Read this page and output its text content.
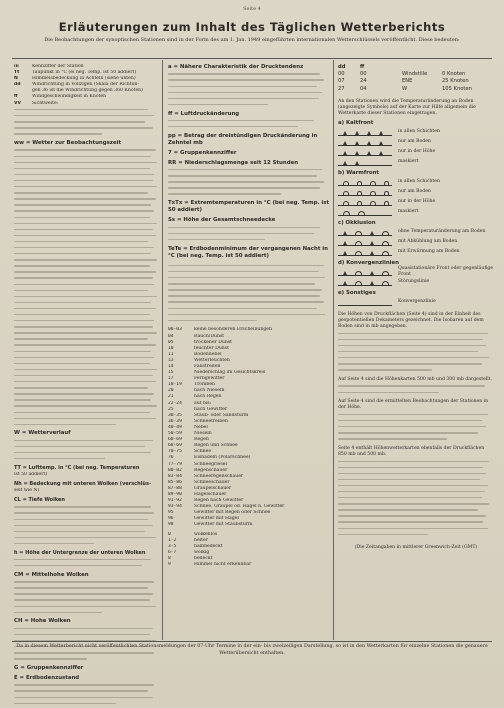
Seite 4
Erläuterungen zum Inhalt des Täglichen Wetterberichts
Die Beobachtungen der synoptischen Stationen sind in der Form des am 1. Jan. 1949 eingeführten internationalen Wetterschlüssels veröffentlicht. Diese bedeuten:
iii	Kennziffer der Station
Tt	Taupunkt in °C (ei neg. Temp. ist 50 addiert)
N	Himmelsbedeckung in Achteln (siehe unten)
dd	Windrichtung in Vollzigen (Skala der Richtun-
gen 36 ist die Windrichtung gegen 360 Knoten)
ff	Windgeschwindigkeit in Knoten
VV	Sichtweite:
ww = Wetter zur Beobachtungszeit
W = Wetterverlauf
TT = Lufttemp. in °C (bei neg. Temperaturen
ist 50 addiert)
Nh = Bedeckung mit unteren Wolken (verschlüs-
selt wie N)
CL = Tiefe Wolken
h = Höhe der Untergrenze der unteren Wolken
CM = Mittelhohe Wolken
CH = Hohe Wolken
G = Gruppenkennziffer
E = Erdbodenzustand
a = Nähere Charakteristik der Drucktendenz
ff = Luftdruckänderung
pp = Betrag der dreistündigen Druckänderung in Zehntel mb
7 = Gruppenkennziffer
RR = Niederschlagsmenge seit 12 Stunden
TxTx = Extremtemperaturen in °C (bei neg. Temp. ist 50 addiert)
Ss = Höhe der Gesamtschneedecke
TeTe = Erdbodenminimum der vergangenen Nacht in °C (bei neg. Temp. ist 50 addiert)
00-03	keine besonderen Erscheinungen
04	Rauch/Dunst
05	trockener Dunst
10	feuchter Dunst
11	Bodennebel
13	Wetterleuchten
14	Fallstreifen
15	Niederschlag im Gesichtskreis
17	Ferngewitter
18-19	Tromben
20	nach Nieseln
21	nach Regen
22-24	auf bis:
25	nach Gewitter
30-35	Staub- oder Sandsturm
36-39	Schneetreiben
40-49	Nebel
50-59	Nieseln
60-69	Regen
68-69	Regen und Schnee
70-75	Schnee
76	Eisnadeln (Polarschnee)
77-79	Schneegriesel
80-82	Regenschauer
83-84	Schneeregenschauer
85-86	Schneeschauer
87-88	Graupelschauer
89-90	Hagelschauer
91-92	Regen nach Gewitter
93-94	Schnee, Graupel od. Hagel n. Gewitter
95	Gewitter mit Regen oder Schnee
96	Gewitter mit Hagel
98	Gewitter mit Staubsturm
0	wolkenlos
1-2	heiter
3-5	halbbedeckt
6-7	wolkig
8	bedeckt
9	Himmel nicht erkennbar
dd	ff
00	00	Windstille	0 Knoten
07	24	ENE	25 Knoten
27	04	W	105 Knoten
An den Stationen wird die Temperaturänderung an Boden (angezeigte Symbole) auf der Karte zur Hilfe allgemein die Wetterkarte dieser Stationen eingetragen.
a) Kaltfront
in allen Schichten
nur am Boden
nur in der Höhe
maskiert
b) Warmfront
in allen Schichten
nur am Boden
nur in der Höhe
maskiert
c) Okklusion
ohne Temperaturänderung am Boden
mit Abkühlung am Boden
mit Erwärmung am Boden
d) Konvergenzlinien
Quasistationäre Front oder gegenläufige Front
Störungslinie
e) Sonstiges
Konvergenzlinie
Die Höhen von Druckflächen (Seite 4) sind in der Einheit des geopotentiellen Dekameters gezeichnet. Die Isobaren auf dem Boden sind in mb angegeben.
Auf Seite 4 sind die Höhenkarten 500 mb und 300 mb dargestellt.
Auf Seite 4 sind die ermittelten Beobachtungen der Stationen in der Höhe.
Seite 4 enthält Höhenwetterkarten ebenfalls der Druckflächen 850 mb und 500 mb.
(Die Zeitangaben in mittlerer Greenwich-Zeit (GMT)
Da in diesem Wetterbericht nicht veröffentlichten Stationsmeldungen der 07-Uhr Termine in der ein- bis zweizeiligen Darstellung, so ist in den Wetterkarten für einzelne Stationen die genauere Wetterübersicht enthalten.
